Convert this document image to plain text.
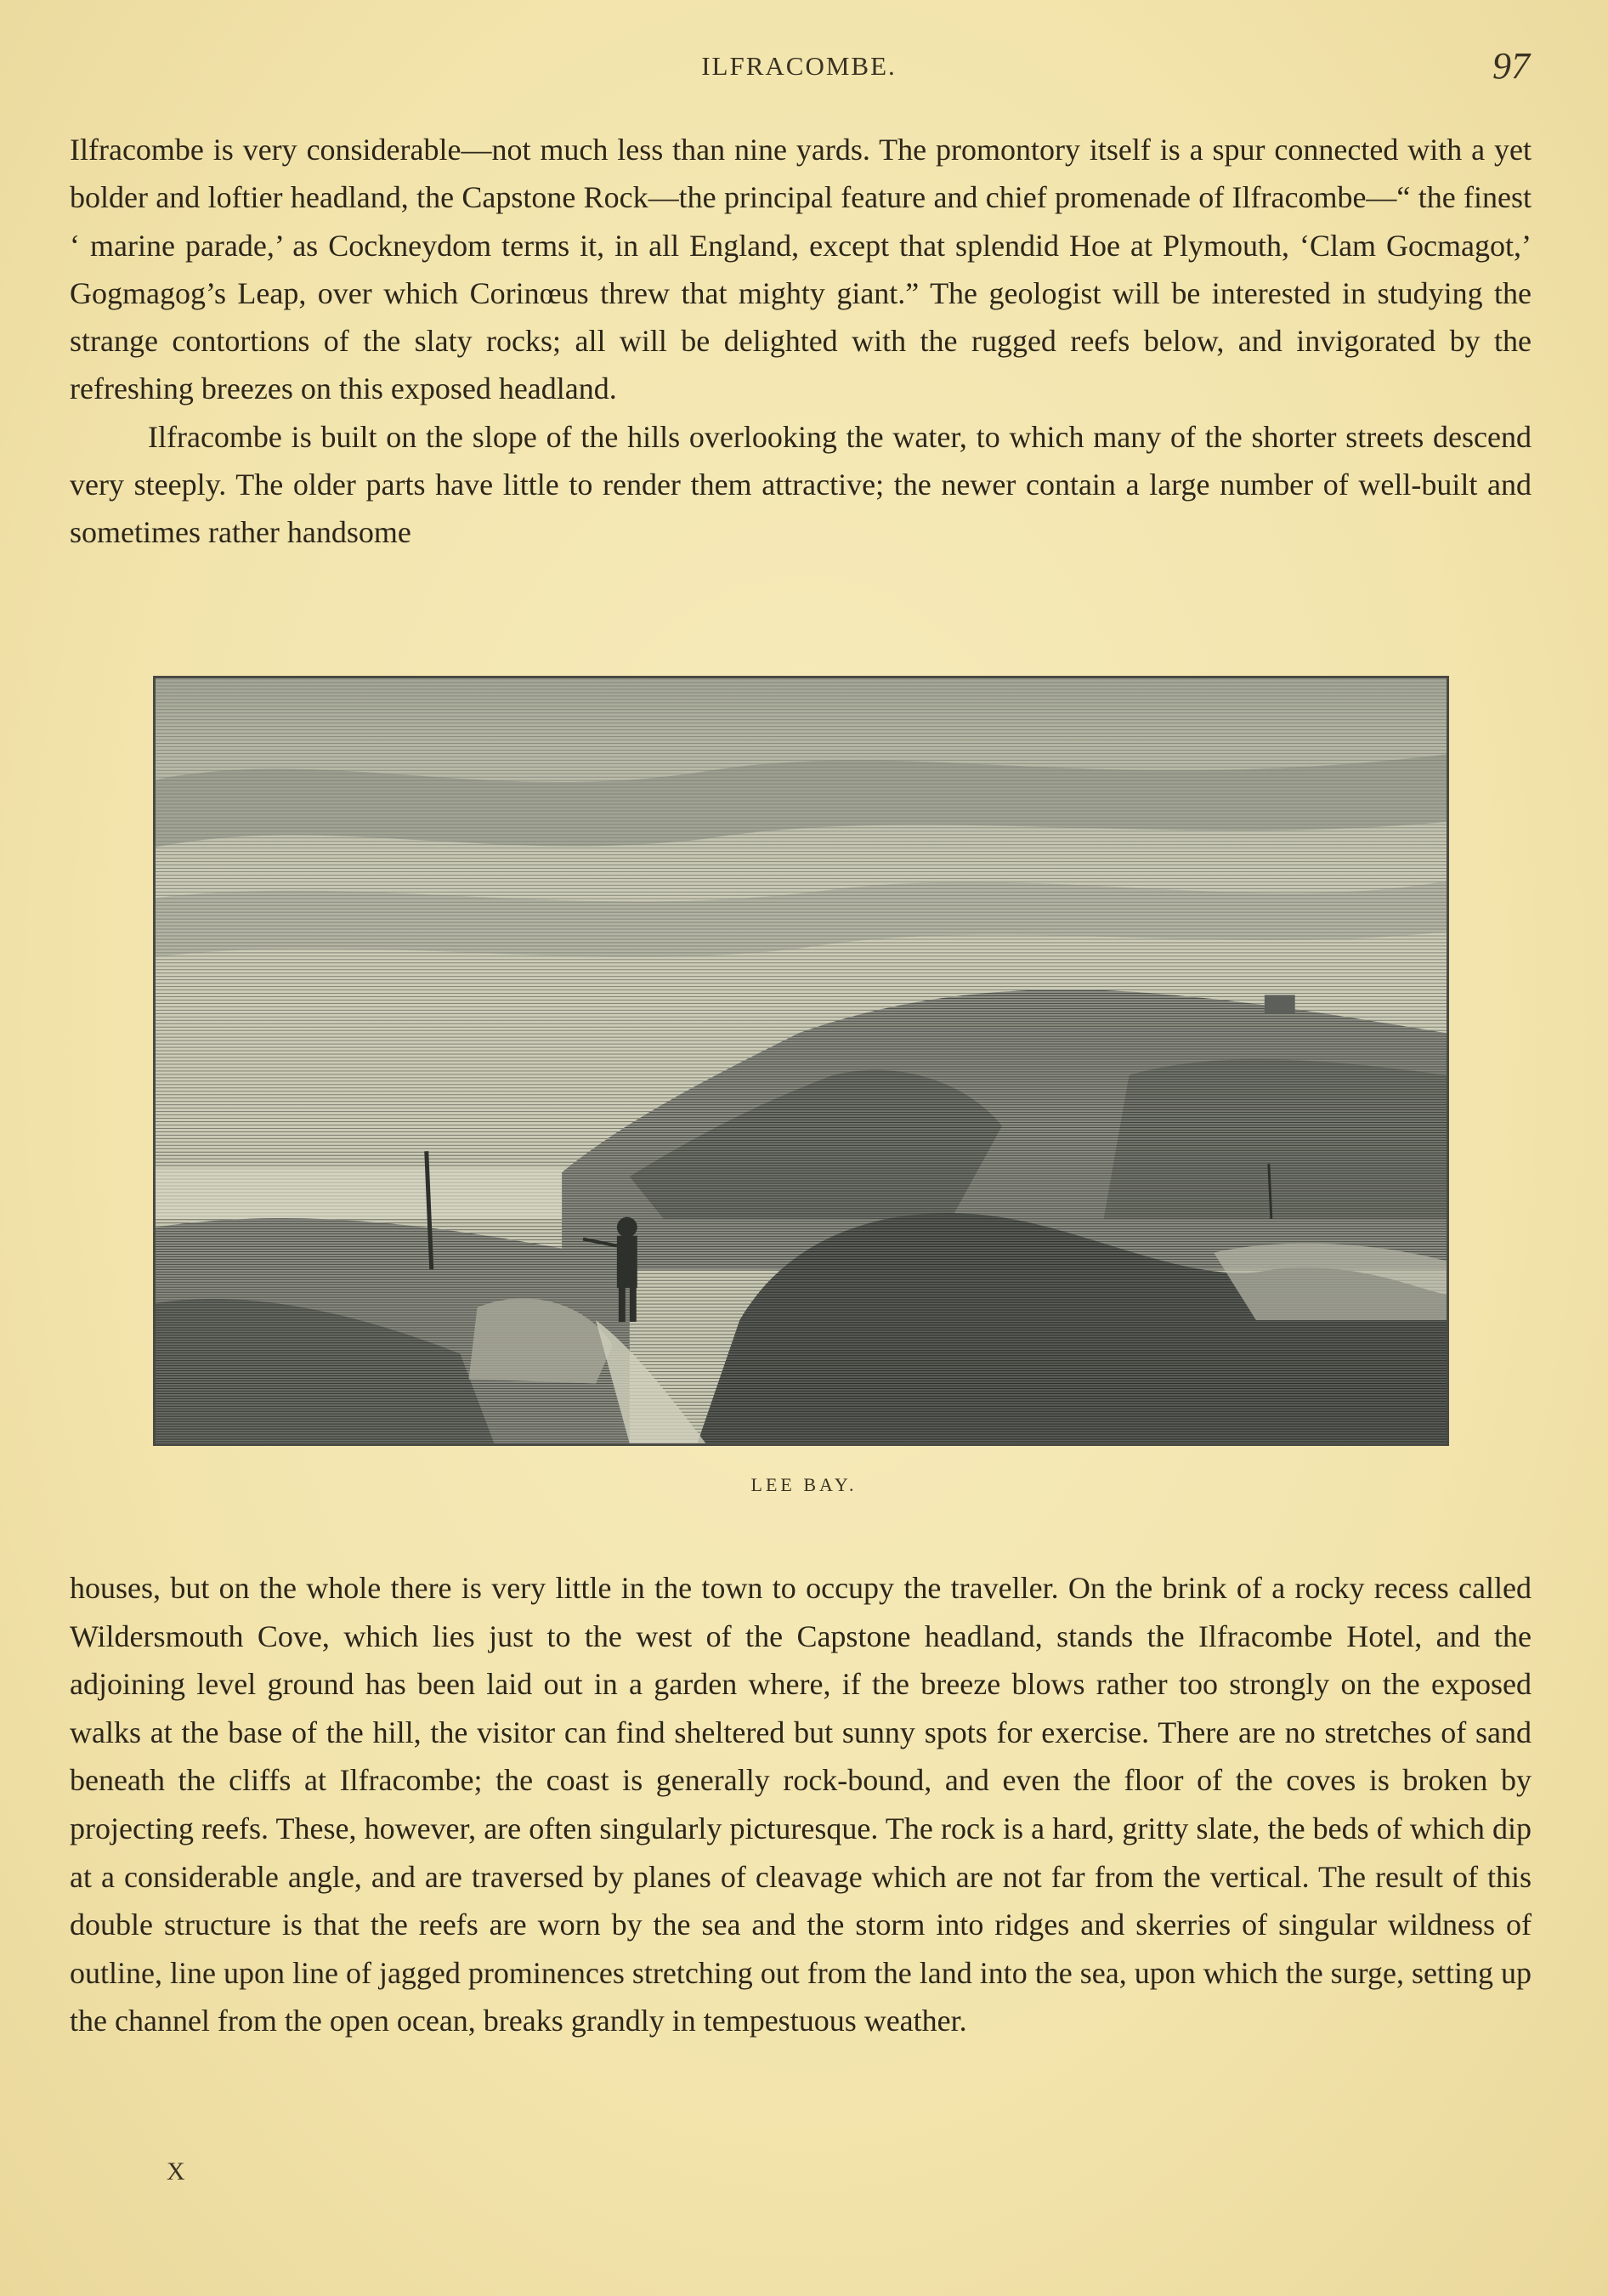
ILFRACOMBE.	97

Ilfracombe is very considerable—not much less than nine yards. The promontory itself is a spur connected with a yet bolder and loftier headland, the Capstone Rock—the principal feature and chief promenade of Ilfracombe—“ the finest ‘ marine parade,’ as Cockneydom terms it, in all England, except that splendid Hoe at Plymouth, ‘Clam Gocmagot,’ Gogmagog’s Leap, over which Corinœus threw that mighty giant.” The geologist will be interested in studying the strange contortions of the slaty rocks; all will be delighted with the rugged reefs below, and invigorated by the refreshing breezes on this exposed headland.

Ilfracombe is built on the slope of the hills overlooking the water, to which many of the shorter streets descend very steeply. The older parts have little to render them attractive; the newer contain a large number of well-built and sometimes rather handsome

LEE BAY.

houses, but on the whole there is very little in the town to occupy the traveller. On the brink of a rocky recess called Wildersmouth Cove, which lies just to the west of the Capstone headland, stands the Ilfracombe Hotel, and the adjoining level ground has been laid out in a garden where, if the breeze blows rather too strongly on the exposed walks at the base of the hill, the visitor can find sheltered but sunny spots for exercise. There are no stretches of sand beneath the cliffs at Ilfracombe; the coast is generally rock-bound, and even the floor of the coves is broken by projecting reefs. These, however, are often singularly picturesque. The rock is a hard, gritty slate, the beds of which dip at a considerable angle, and are traversed by planes of cleavage which are not far from the vertical. The result of this double structure is that the reefs are worn by the sea and the storm into ridges and skerries of singular wildness of outline, line upon line of jagged prominences stretching out from the land into the sea, upon which the surge, setting up the channel from the open ocean, breaks grandly in tempestuous weather.

X
